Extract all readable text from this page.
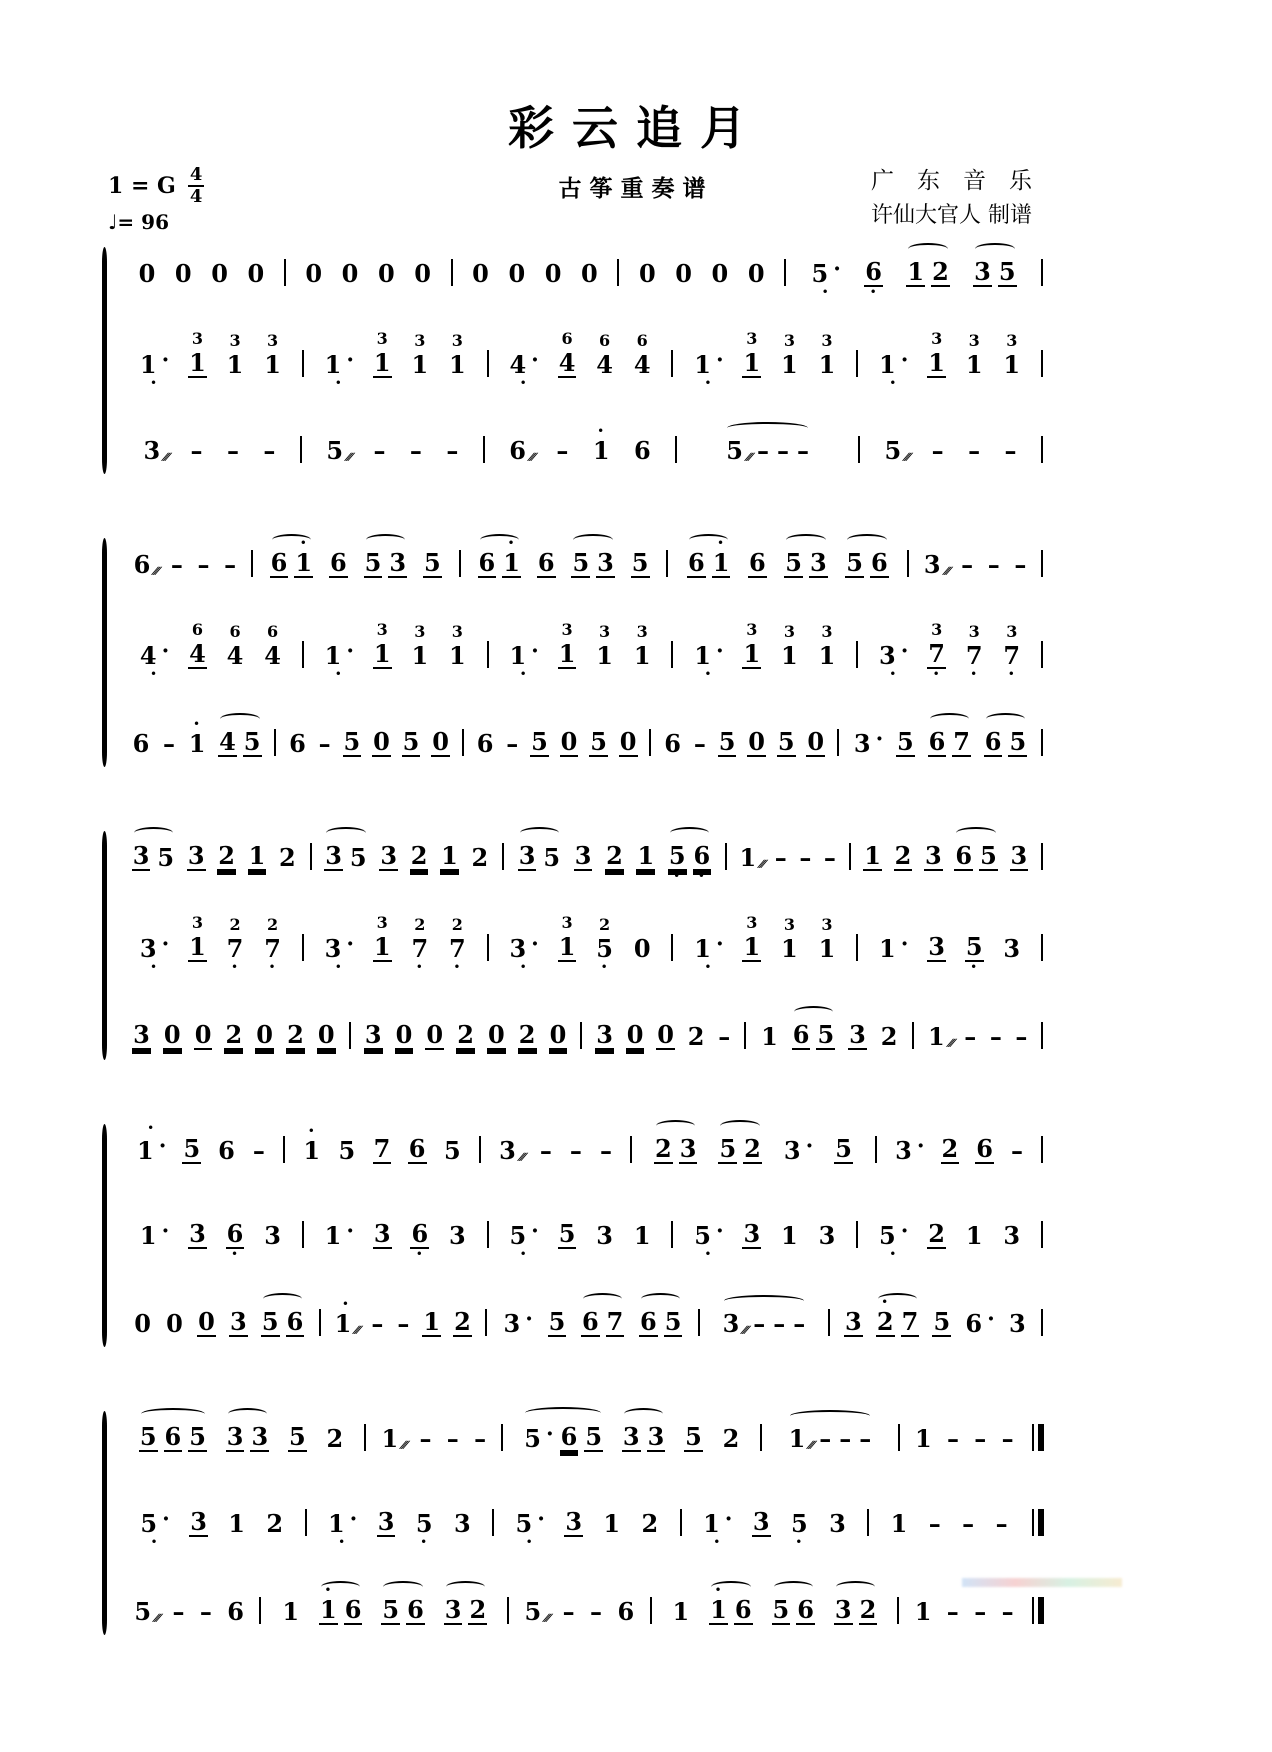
彩云追月
古筝重奏谱
1 = G $\frac{4}{4}$
♩= 96
广　东　音　乐
许仙大官人 制谱

0

0

0

0

0

0

0

0

0

0

0

0

0

0

0

0

5 ·
•

6
•

1

2

3

5

1 ·
•
3
1

3
1

3
1

1 ·
•
3
1

3
1

3
1

4 ·
•
6
4

6
4

6
4

1 ·
•
3
1

3
1

3
1

1 ·
•
3
1

3
1

3
1

3 ///

–

–

–

5 ///

–

–

–

6 ///

–

•
1

6

	5 ///

–

–

–

	5 ///

–

–

–

6 ///

–

–

–

6

•
1

6

5

3

5

6

•
1

6

5

3

5

6

•
1

6

5

3

5

6

3 ///

–

–

–

4 ·
•
6
4

6
4

6
4

1 ·
•
3
1

3
1

3
1

1 ·
•
3
1

3
1

3
1

1 ·
•
3
1

3
1

3
1

3 ·
•
3
7
•
3
7
•
3
7
•

6

–

•
1

4

5

6

–

5

0

5

0

6

–

5

0

5

0

6

–

5

0

5

0

3 ·

5

6

7

6

5

3

5

3

2

1

2

3

5

3

2

1

2

3

5

3

2

1

5
•

6
•

1 ///

–

–

–

1

2

3

6

5

3

3 ·
•
3
1

2
7
•
2
7
•

3 ·
•
3
1

2
7
•
2
7
•

3 ·
•
3
1

2
5
•

0

1 ·
•
3
1

3
1

3
1

1 ·

3

5
•

3

3

0

0

2

0

2

0

3

0

0

2

0

2

0

3

0

0

2

–

1

6

5

3

2

1 ///

–

–

–

•
1 ·

5

6

–

•
1

5

7

6

5

3 ///

–

–

–

2

3

5

2

3 ·

5

3 ·

2

6

–

1 ·

3

6
•

3

1 ·

3

6
•

3

5 ·
•

5

3

1

5 ·
•

3

1

3

5 ·
•

2

1

3

0

0

0

3

5

6

•
1 ///

–

–

1

2

3 ·

5

6

7

6

5

3 ///

–

–

–

3

•
2

7

5

6 ·

3

5

6

5

3

3

5

2

1 ///

–

–

–

5 ·

6

5

3

3

5

2

1 ///

–

–

–

1

–

–

–

5 ·
•

3

1

2

1 ·
•

3

5
•

3

5 ·
•

3

1

2

1 ·
•

3

5
•

3

1

–

–

–

5 ///

–

–

6

1

•
1

6

5

6

3

2

5 ///

–

–

6

1

•
1

6

5

6

3

2

1

–

–

–
